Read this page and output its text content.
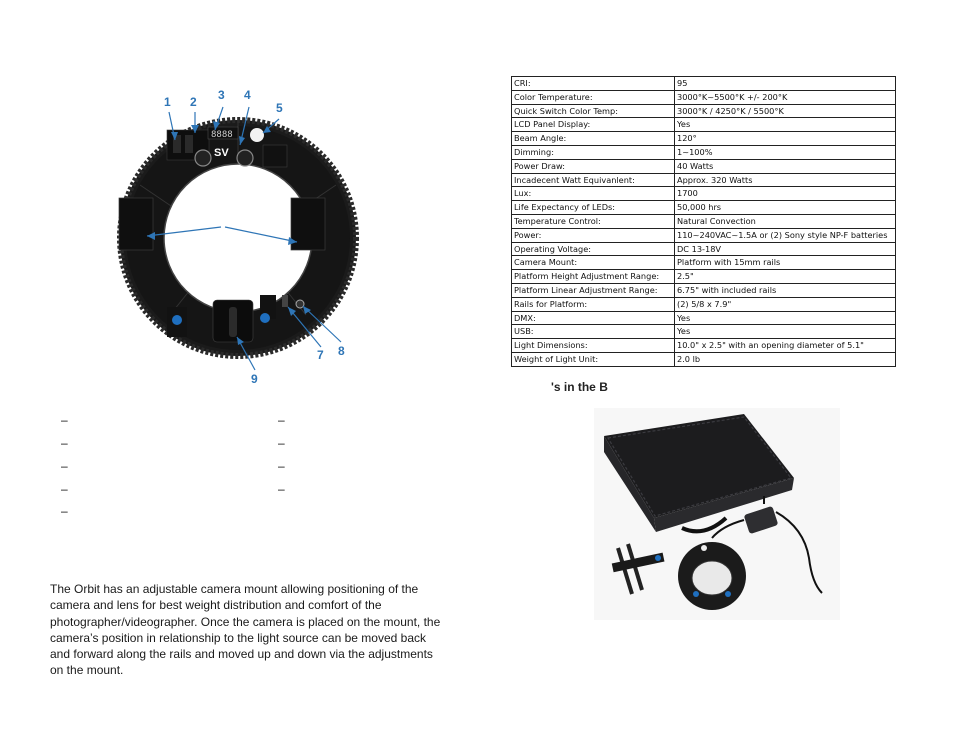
1 2 3 4
5
7 8
9
8888
SV
CRI:	95
Color Temperature:	3000°K~5500°K +/- 200°K
Quick Switch Color Temp:	3000°K / 4250°K / 5500°K
LCD Panel Display:	Yes
Beam Angle:	120°
Dimming:	1~100%
Power Draw:	40 Watts
Incadecent Watt Equivanlent:	Approx. 320 Watts
Lux:	1700
Life Expectancy of LEDs:	50,000 hrs
Temperature Control:	Natural Convection
Power:	110~240VAC~1.5A or (2) Sony style NP-F batteries
Operating Voltage:	DC 13-18V
Camera Mount:	Platform with 15mm rails
Platform Height Adjustment Range:	2.5"
Platform Linear Adjustment Range:	6.75" with included rails
Rails for Platform:	(2) 5/8 x 7.9"
DMX:	Yes
USB:	Yes
Light Dimensions:	10.0" x 2.5" with an opening diameter of 5.1"
Weight of Light Unit:	2.0 lb
's in the B
–
–
–
–
–
–
–
–
–

The Orbit has an adjustable camera mount allowing positioning of the camera and lens for best weight distribution and comfort of the photographer/videographer. Once the camera is placed on the mount, the camera’s position in relationship to the light source can be moved back and forward along the rails and moved up and down via the adjustments on the mount.
